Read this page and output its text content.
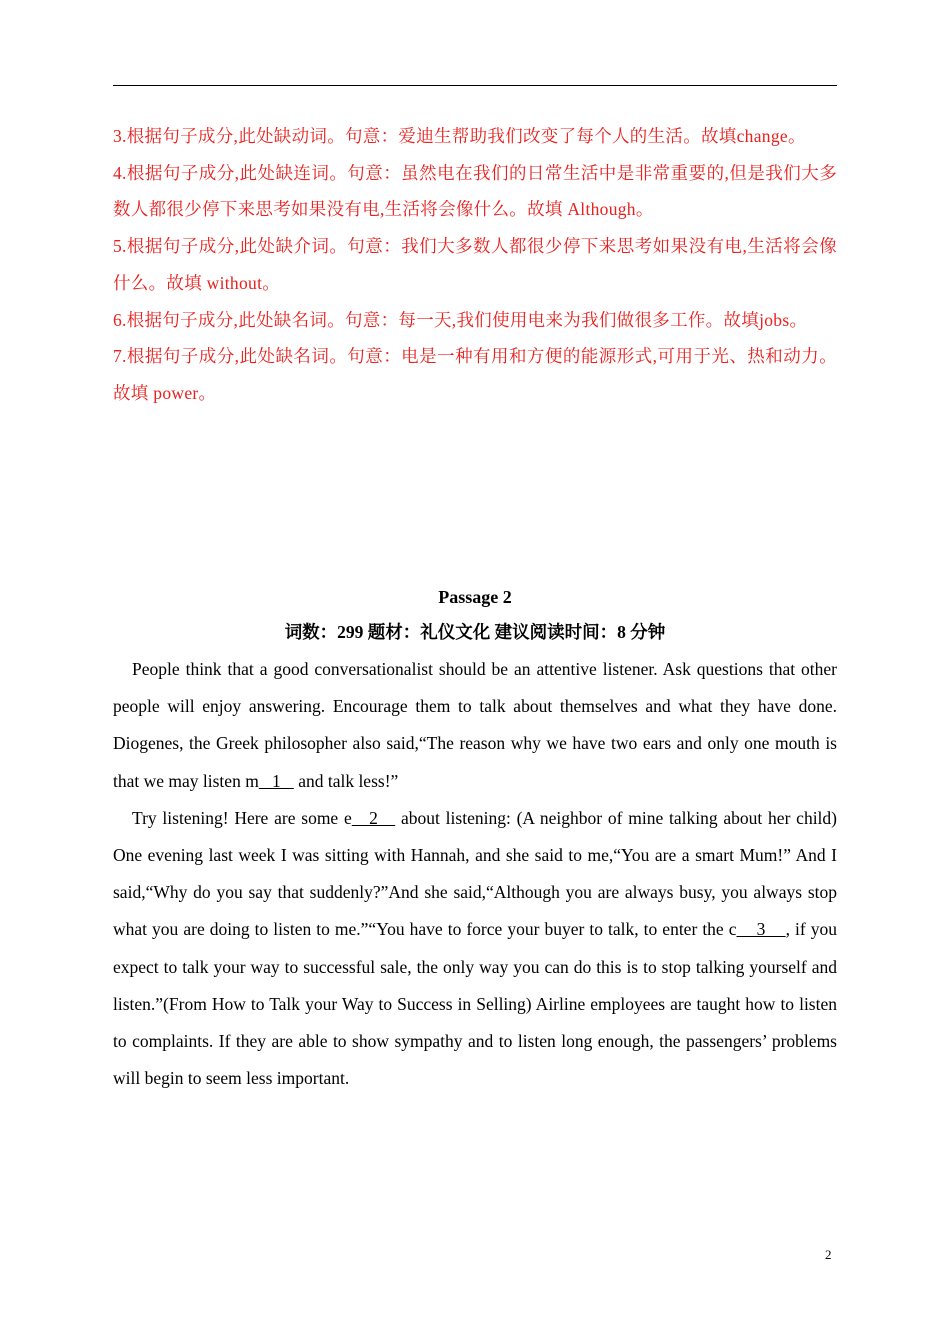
3.根据句子成分,此处缺动词。句意：爱迪生帮助我们改变了每个人的生活。故填change。

4.根据句子成分,此处缺连词。句意：虽然电在我们的日常生活中是非常重要的,但是我们大多数人都很少停下来思考如果没有电,生活将会像什么。故填 Although。

5.根据句子成分,此处缺介词。句意：我们大多数人都很少停下来思考如果没有电,生活将会像什么。故填 without。

6.根据句子成分,此处缺名词。句意：每一天,我们使用电来为我们做很多工作。故填jobs。

7.根据句子成分,此处缺名词。句意：电是一种有用和方便的能源形式,可用于光、热和动力。故填 power。

Passage 2

词数：299 题材：礼仪文化 建议阅读时间：8 分钟

People think that a good conversationalist should be an attentive listener. Ask questions that other people will enjoy answering. Encourage them to talk about themselves and what they have done. Diogenes, the Greek philosopher also said,“The reason why we have two ears and only one mouth is that we may listen m   1    and talk less!”

Try listening! Here are some e   2    about listening: (A neighbor of mine talking about her child) One evening last week I was sitting with Hannah, and she said to me,“You are a smart Mum!” And I said,“Why do you say that suddenly?”And she said,“Although you are always busy, you always stop what you are doing to listen to me.”“You have to force your buyer to talk, to enter the c    3    , if you expect to talk your way to successful sale, the only way you can do this is to stop talking yourself and listen.”(From How to Talk your Way to Success in Selling) Airline employees are taught how to listen to complaints. If they are able to show sympathy and to listen long enough, the passengers’ problems will begin to seem less important.

2
